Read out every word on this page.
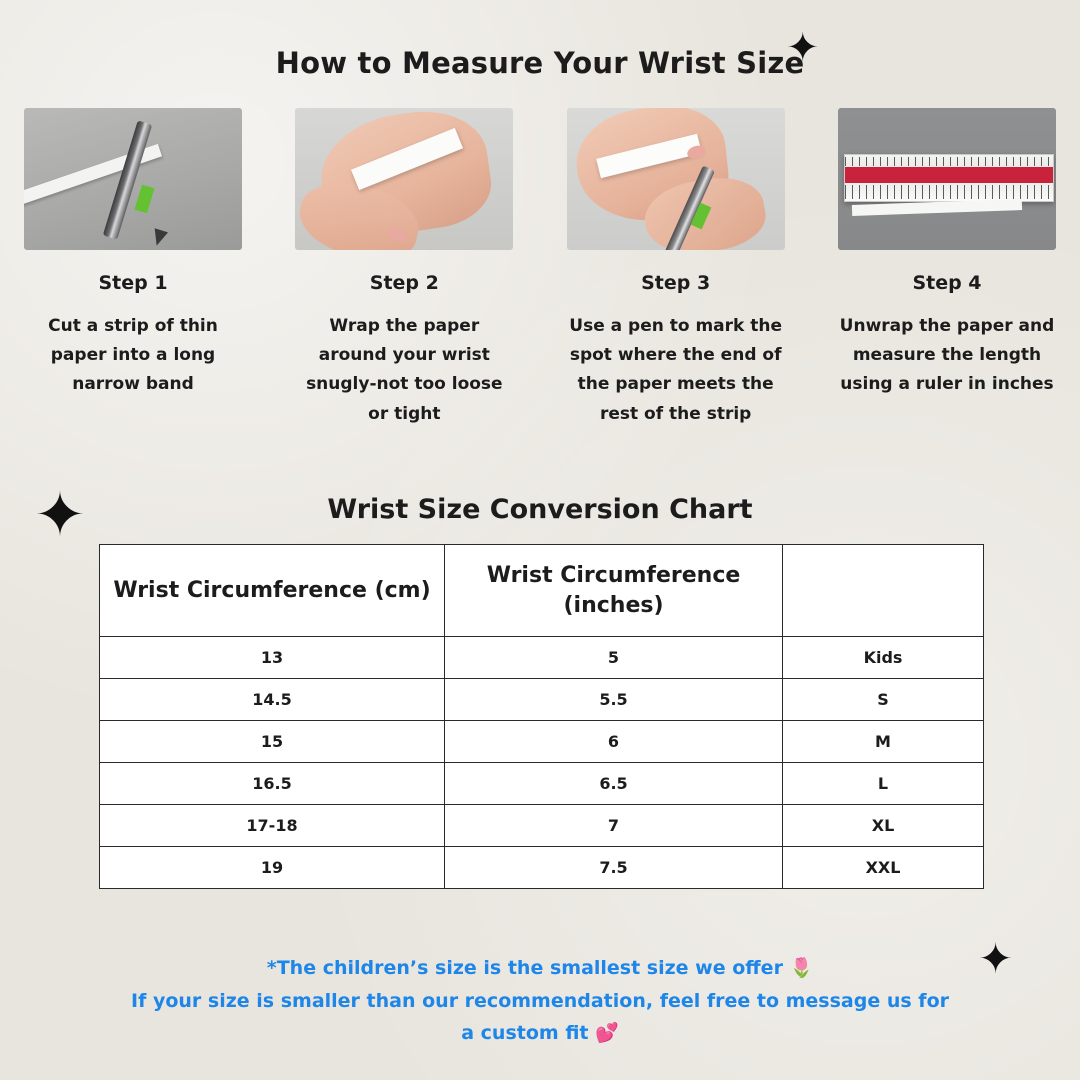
✦
✦
✦
How to Measure Your Wrist Size
Step 1
Cut a strip of thin paper into a long narrow band
Step 2
Wrap the paper around your wrist snugly-not too loose or tight
Step 3
Use a pen to mark the spot where the end of the paper meets the rest of the strip
Step 4
Unwrap the paper and measure the length using a ruler in inches
Wrist Size Conversion Chart
Wrist Circumference (cm)	Wrist Circumference (inches)	
13	5	Kids
14.5	5.5	S
15	6	M
16.5	6.5	L
17-18	7	XL
19	7.5	XXL
*The children’s size is the smallest size we offer 🌷
If your size is smaller than our recommendation, feel free to message us for
a custom fit 💕
